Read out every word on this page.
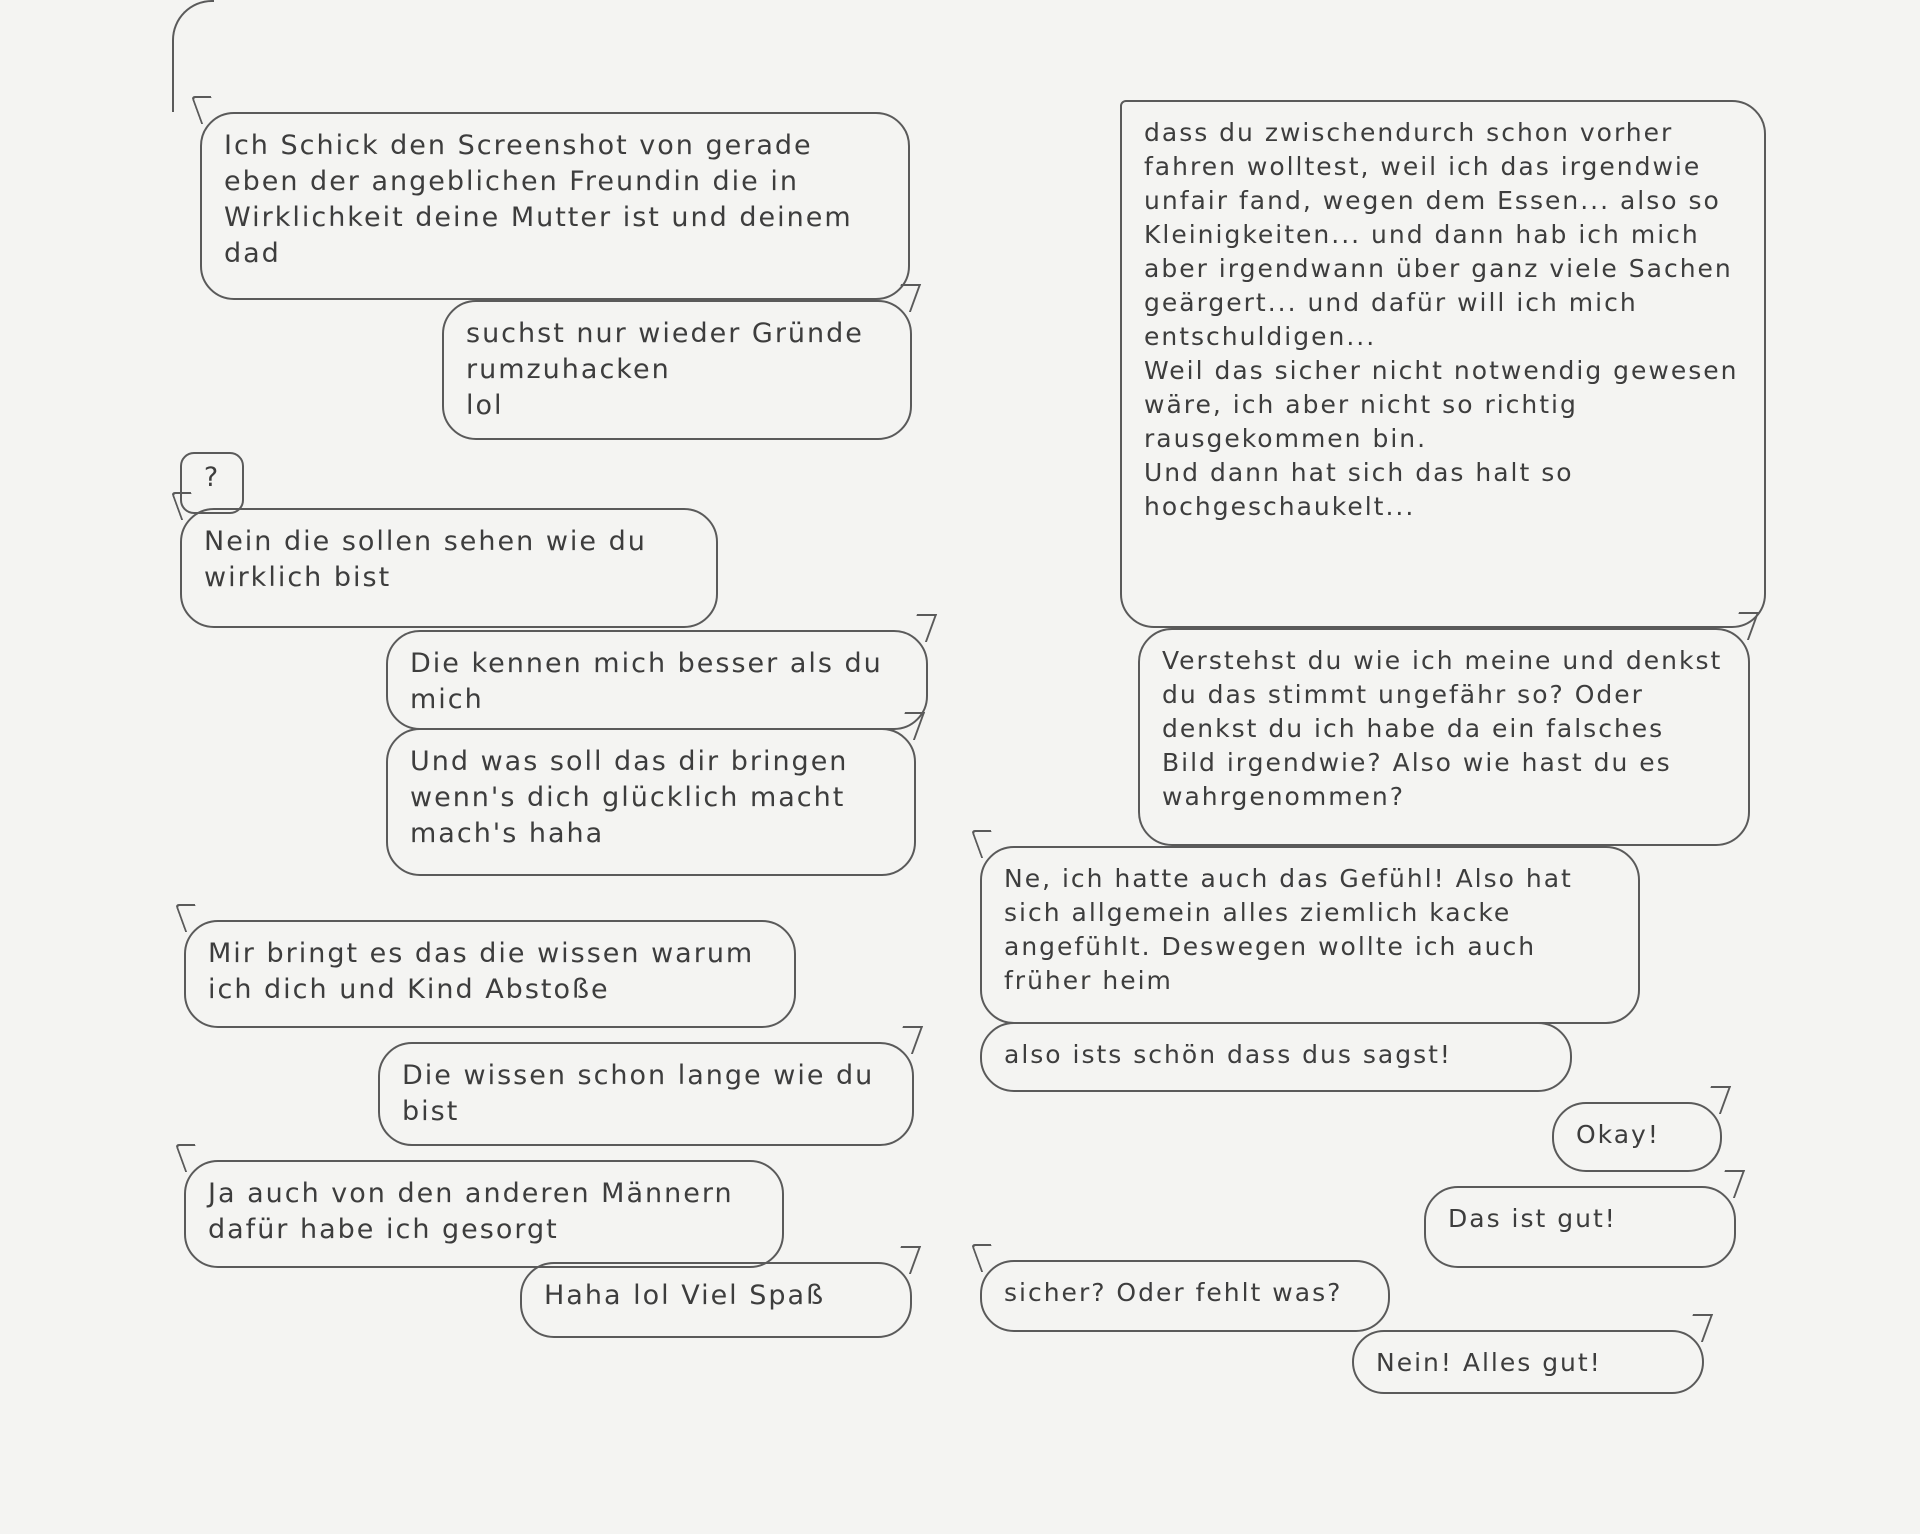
Ich Schick den Screenshot von gerade eben der angeblichen Freundin die in Wirklichkeit deine Mutter ist und deinem dad
suchst nur wieder Gründe rumzuhacken
lol
?
Nein die sollen sehen wie du wirklich bist
Die kennen mich besser als du mich
Und was soll das dir bringen wenn's dich glücklich macht mach's haha
Mir bringt es das die wissen warum ich dich und Kind Abstoße
Die wissen schon lange wie du bist
Ja auch von den anderen Männern dafür habe ich gesorgt
Haha lol Viel Spaß
dass du zwischendurch schon vorher fahren wolltest, weil ich das irgendwie unfair fand, wegen dem Essen... also so Kleinigkeiten... und dann hab ich mich aber irgendwann über ganz viele Sachen geärgert... und dafür will ich mich entschuldigen...
Weil das sicher nicht notwendig gewesen wäre, ich aber nicht so richtig rausgekommen bin.
Und dann hat sich das halt so hochgeschaukelt...
Verstehst du wie ich meine und denkst du das stimmt ungefähr so? Oder denkst du ich habe da ein falsches Bild irgendwie? Also wie hast du es wahrgenommen?
Ne, ich hatte auch das Gefühl! Also hat sich allgemein alles ziemlich kacke angefühlt. Deswegen wollte ich auch früher heim
also ists schön dass dus sagst!
Okay!
Das ist gut!
sicher? Oder fehlt was?
Nein! Alles gut!
